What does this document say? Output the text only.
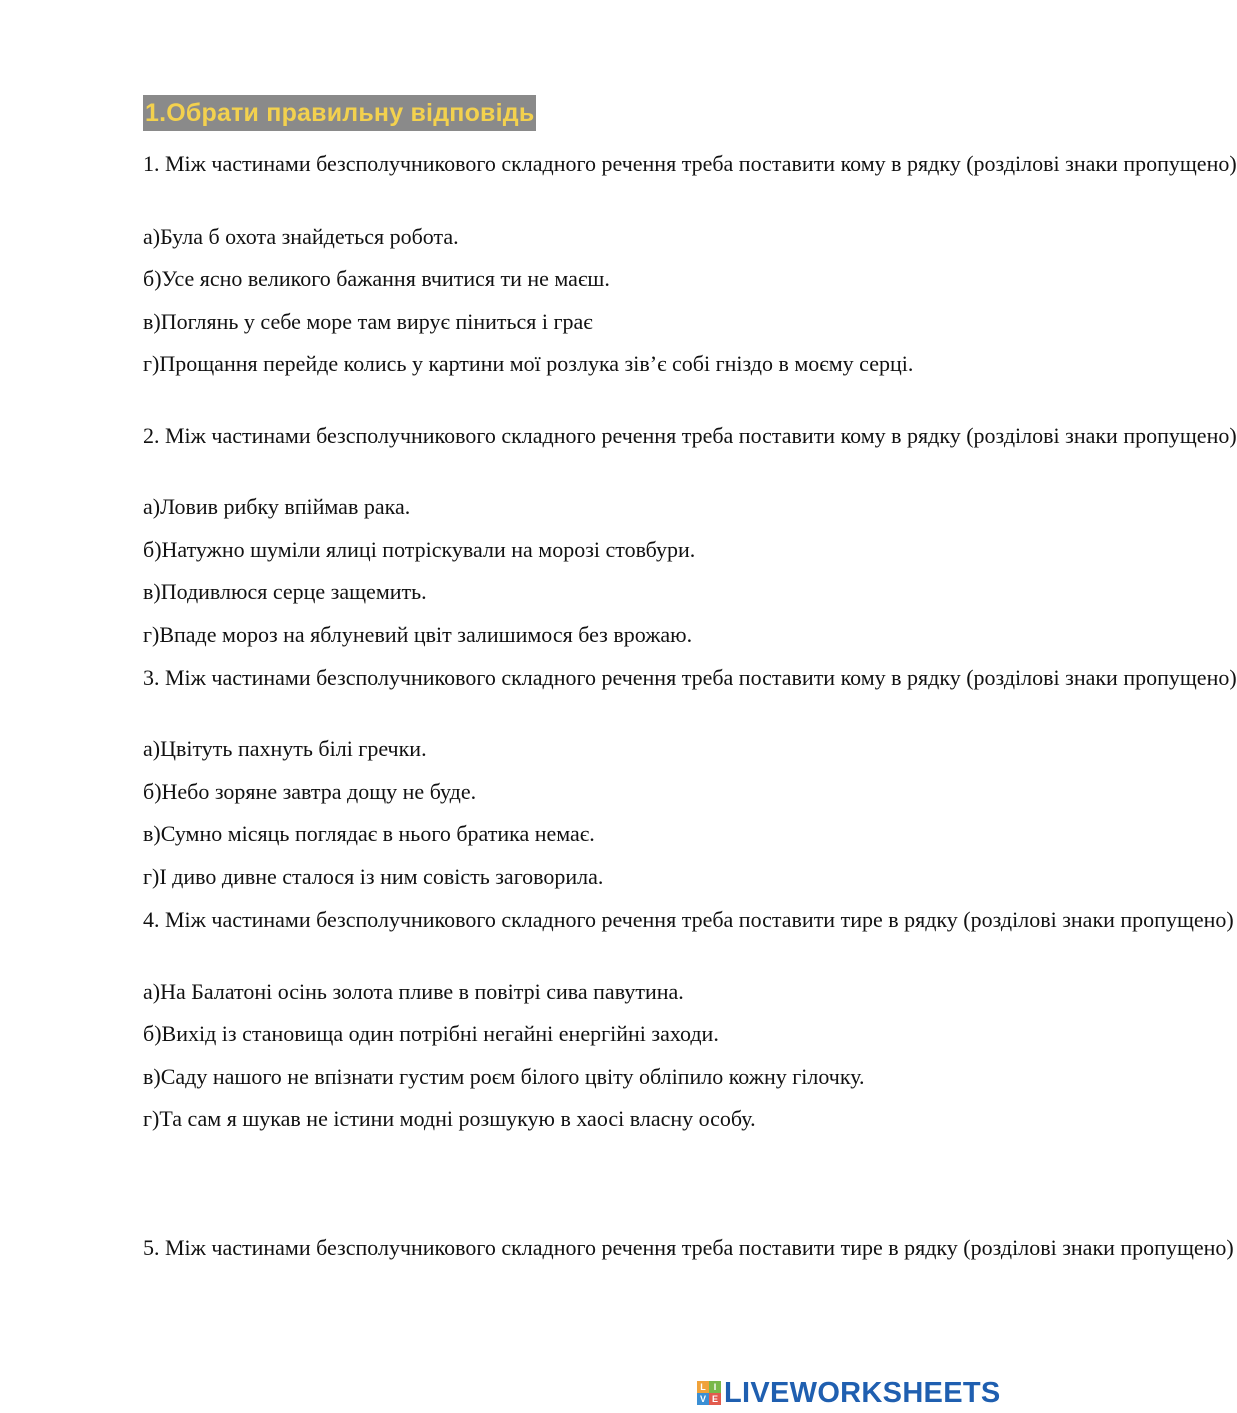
1.Обрати правильну відповідь
1. Між частинами безсполучникового складного речення треба поставити кому в рядку (розділові знаки пропущено)
а)Була б охота знайдеться робота.
б)Усе ясно великого бажання вчитися ти не маєш.
в)Поглянь у себе море там вирує піниться і грає
г)Прощання перейде колись у картини мої розлука зів’є собі гніздо в моєму серці.
2. Між частинами безсполучникового складного речення треба поставити кому в рядку (розділові знаки пропущено)
а)Ловив рибку впіймав рака.
б)Натужно шуміли ялиці потріскували на морозі стовбури.
в)Подивлюся серце защемить.
г)Впаде мороз на яблуневий цвіт залишимося без врожаю.
3. Між частинами безсполучникового складного речення треба поставити кому в рядку (розділові знаки пропущено)
а)Цвітуть пахнуть білі гречки.
б)Небо зоряне завтра дощу не буде.
в)Сумно місяць поглядає в нього братика немає.
г)І диво дивне сталося із ним совість заговорила.
4. Між частинами безсполучникового складного речення треба поставити тире в рядку (розділові знаки пропущено)
а)На Балатоні осінь золота пливе в повітрі сива павутина.
б)Вихід із становища один потрібні негайні енергійні заходи.
в)Саду нашого не впізнати густим роєм білого цвіту обліпило кожну гілочку.
г)Та сам я шукав не істини модні розшукую в хаосі власну особу.
5. Між частинами безсполучникового складного речення треба поставити тире в рядку (розділові знаки пропущено)
L I
V E LIVEWORKSHEETS
